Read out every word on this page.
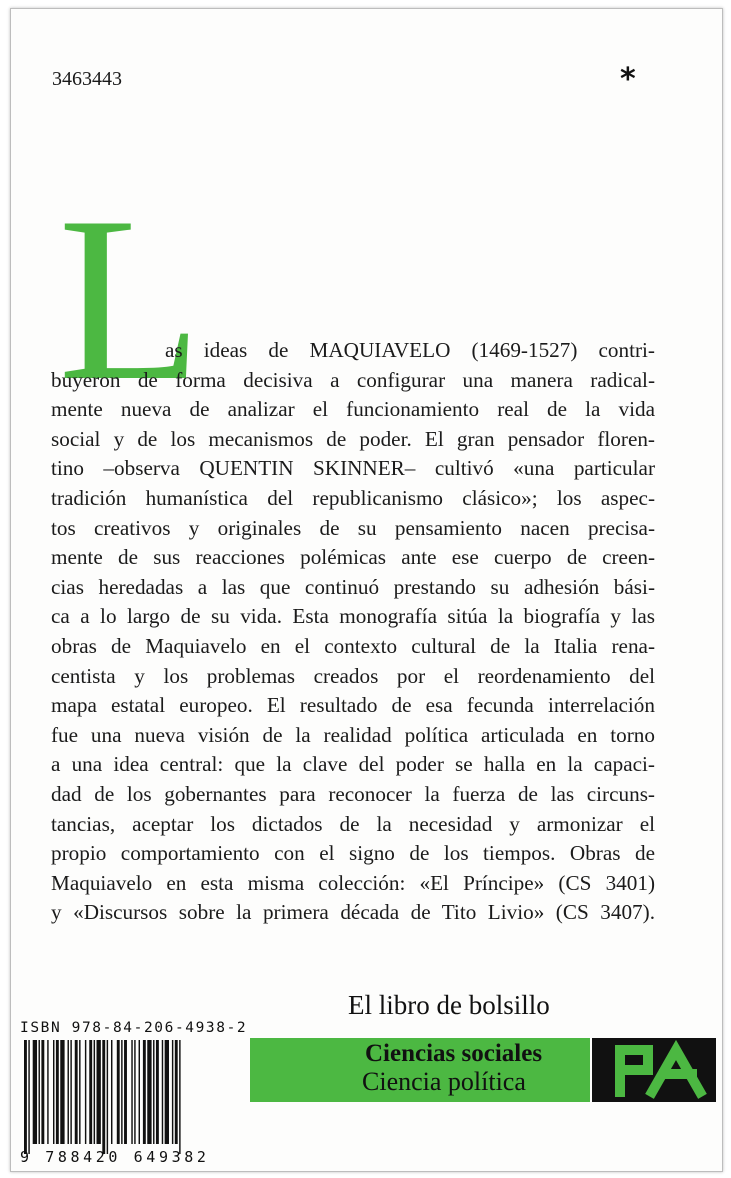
3463443	*
L
as ideas de MAQUIAVELO (1469-1527) contri-
buyeron de forma decisiva a configurar una manera radical-
mente nueva de analizar el funcionamiento real de la vida
social y de los mecanismos de poder. El gran pensador floren-
tino –observa QUENTIN SKINNER– cultivó «una particular
tradición humanística del republicanismo clásico»; los aspec-
tos creativos y originales de su pensamiento nacen precisa-
mente de sus reacciones polémicas ante ese cuerpo de creen-
cias heredadas a las que continuó prestando su adhesión bási-
ca a lo largo de su vida. Esta monografía sitúa la biografía y las
obras de Maquiavelo en el contexto cultural de la Italia rena-
centista y los problemas creados por el reordenamiento del
mapa estatal europeo. El resultado de esa fecunda interrelación
fue una nueva visión de la realidad política articulada en torno
a una idea central: que la clave del poder se halla en la capaci-
dad de los gobernantes para reconocer la fuerza de las circuns-
tancias, aceptar los dictados de la necesidad y armonizar el
propio comportamiento con el signo de los tiempos. Obras de
Maquiavelo en esta misma colección: «El Príncipe» (CS 3401)
y «Discursos sobre la primera década de Tito Livio» (CS 3407).
El libro de bolsillo
ISBN 978-84-206-4938-2
9 788420 649382
Ciencias sociales
Ciencia política
